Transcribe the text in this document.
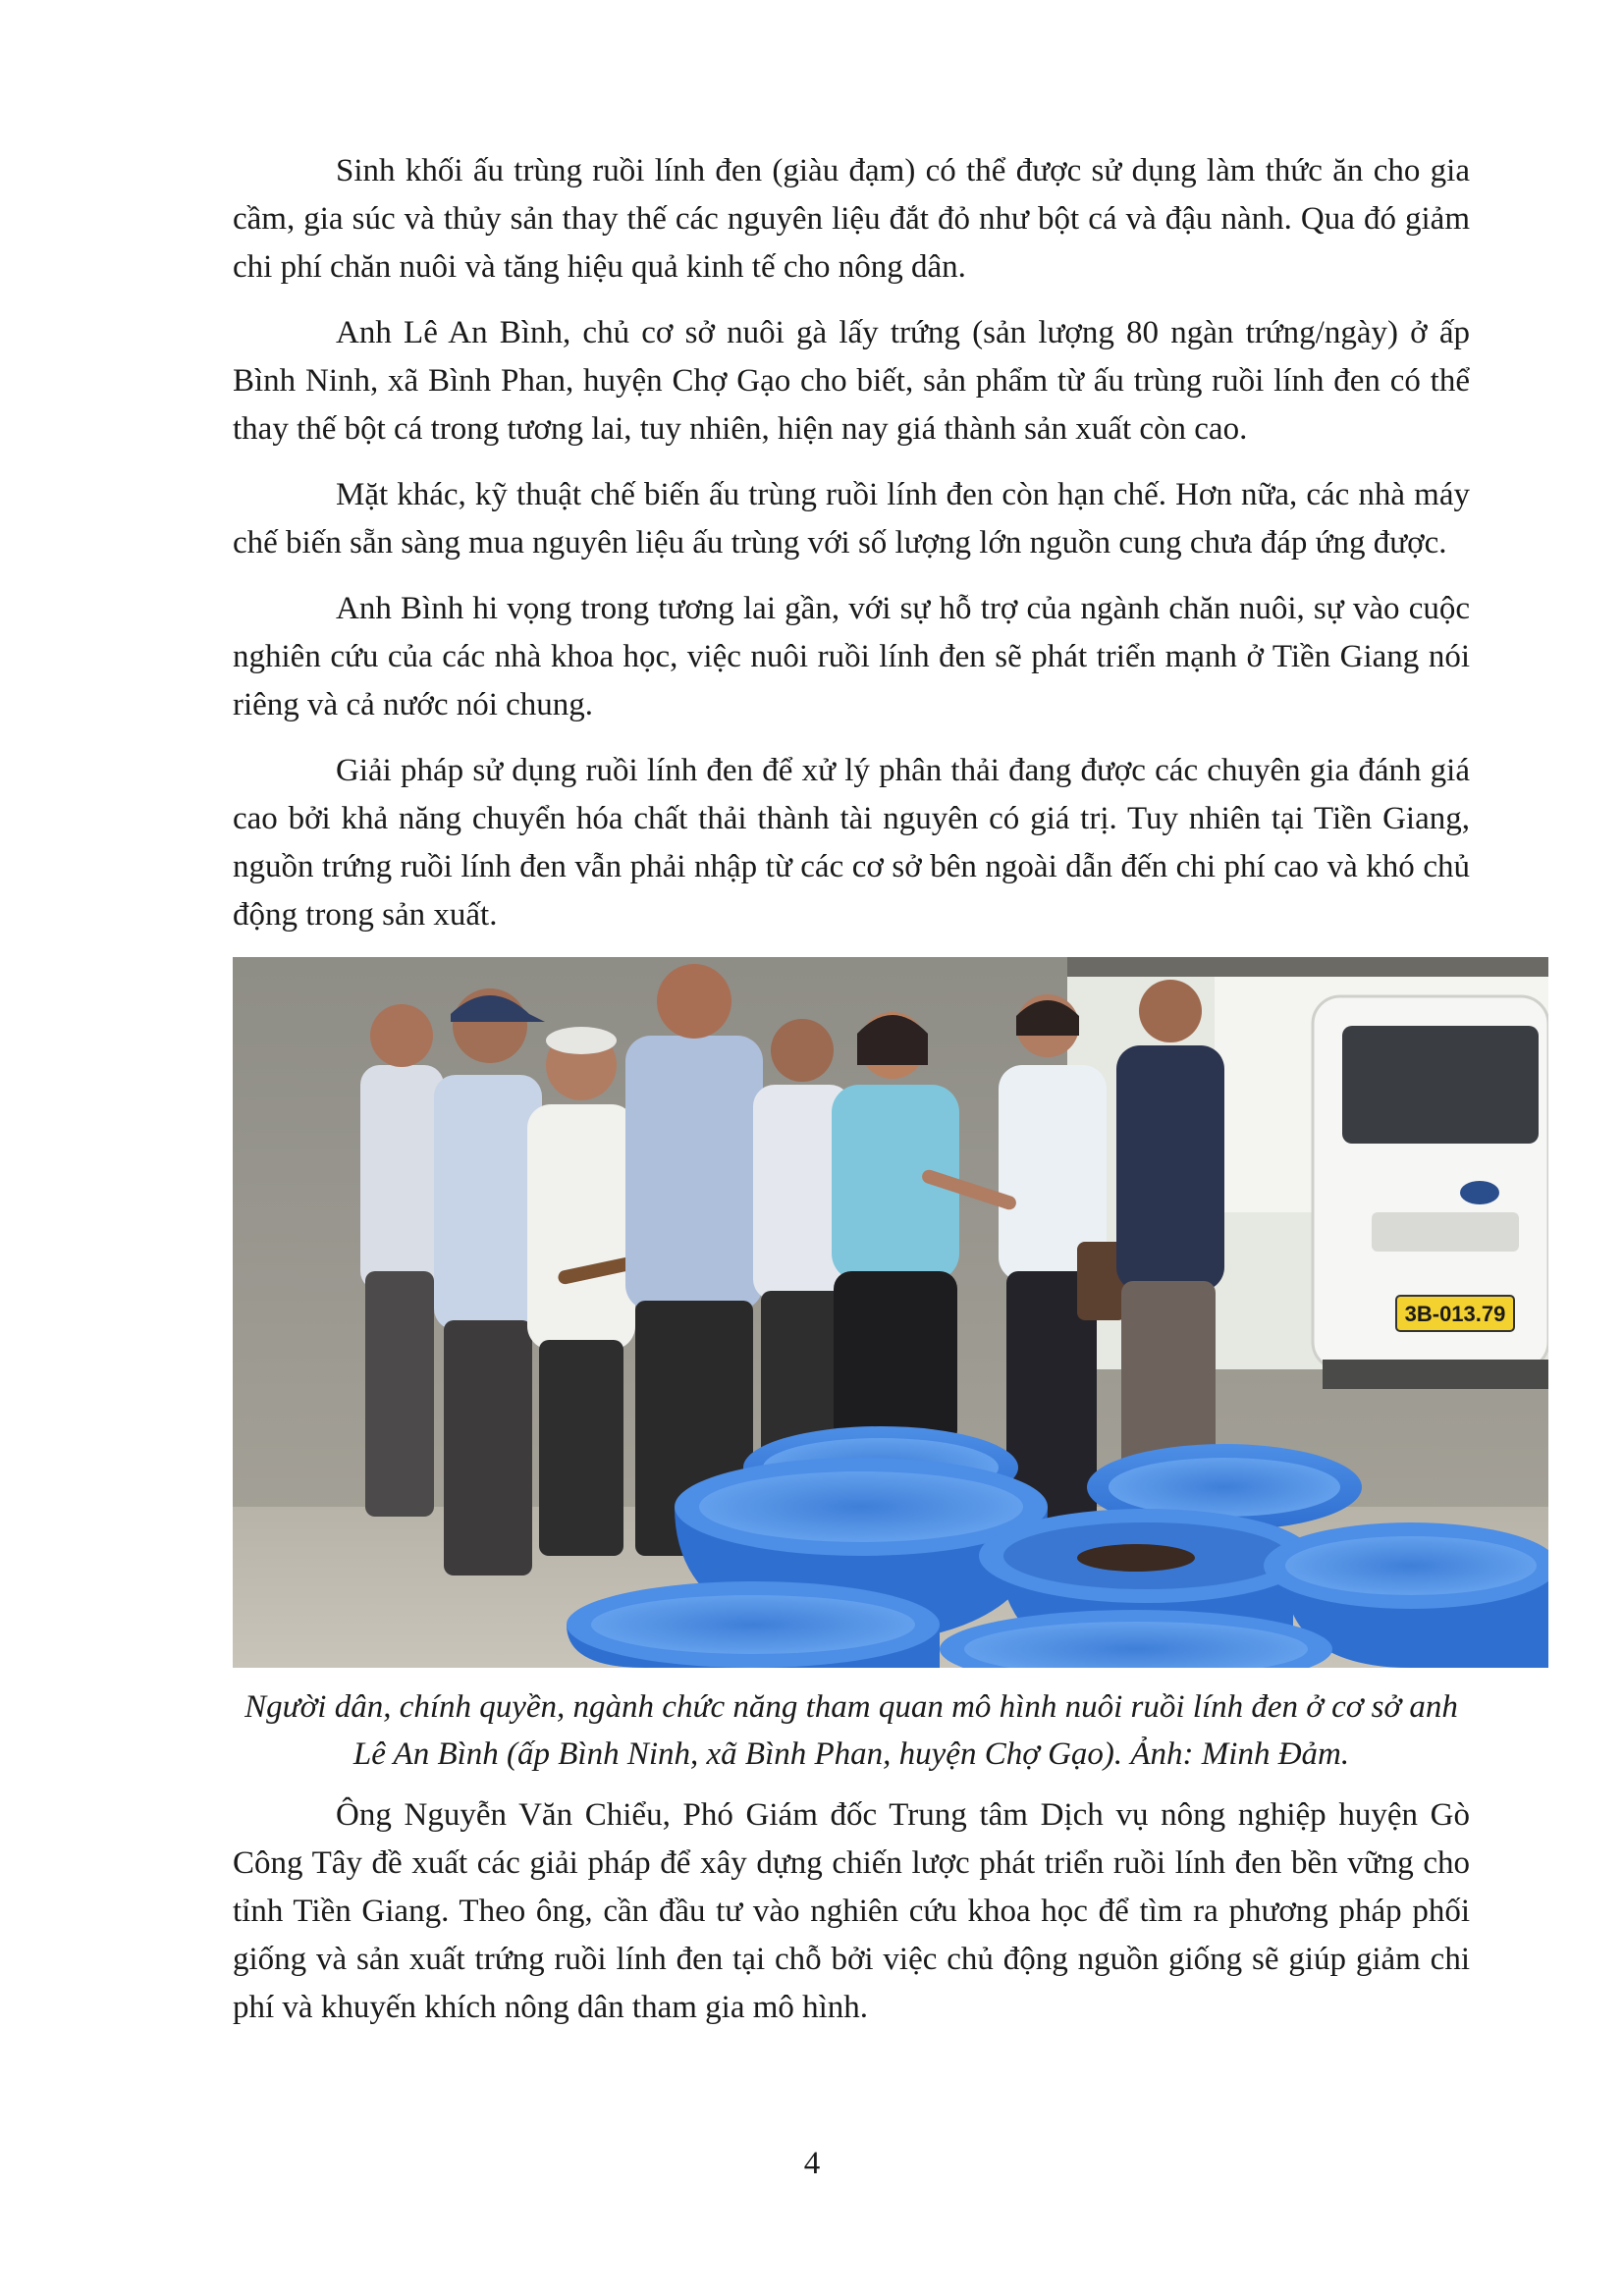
Sinh khối ấu trùng ruồi lính đen (giàu đạm) có thể được sử dụng làm thức ăn cho gia cầm, gia súc và thủy sản thay thế các nguyên liệu đắt đỏ như bột cá và đậu nành. Qua đó giảm chi phí chăn nuôi và tăng hiệu quả kinh tế cho nông dân.

Anh Lê An Bình, chủ cơ sở nuôi gà lấy trứng (sản lượng 80 ngàn trứng/ngày) ở ấp Bình Ninh, xã Bình Phan, huyện Chợ Gạo cho biết, sản phẩm từ ấu trùng ruồi lính đen có thể thay thế bột cá trong tương lai, tuy nhiên, hiện nay giá thành sản xuất còn cao.

Mặt khác, kỹ thuật chế biến ấu trùng ruồi lính đen còn hạn chế. Hơn nữa, các nhà máy chế biến sẵn sàng mua nguyên liệu ấu trùng với số lượng lớn nguồn cung chưa đáp ứng được.

Anh Bình hi vọng trong tương lai gần, với sự hỗ trợ của ngành chăn nuôi, sự vào cuộc nghiên cứu của các nhà khoa học, việc nuôi ruồi lính đen sẽ phát triển mạnh ở Tiền Giang nói riêng và cả nước nói chung.

Giải pháp sử dụng ruồi lính đen để xử lý phân thải đang được các chuyên gia đánh giá cao bởi khả năng chuyển hóa chất thải thành tài nguyên có giá trị. Tuy nhiên tại Tiền Giang, nguồn trứng ruồi lính đen vẫn phải nhập từ các cơ sở bên ngoài dẫn đến chi phí cao và khó chủ động trong sản xuất.

3B-013.79

Người dân, chính quyền, ngành chức năng tham quan mô hình nuôi ruồi lính đen ở cơ sở anh Lê An Bình (ấp Bình Ninh, xã Bình Phan, huyện Chợ Gạo). Ảnh: Minh Đảm.

Ông Nguyễn Văn Chiểu, Phó Giám đốc Trung tâm Dịch vụ nông nghiệp huyện Gò Công Tây đề xuất các giải pháp để xây dựng chiến lược phát triển ruồi lính đen bền vững cho tỉnh Tiền Giang. Theo ông, cần đầu tư vào nghiên cứu khoa học để tìm ra phương pháp phối giống và sản xuất trứng ruồi lính đen tại chỗ bởi việc chủ động nguồn giống sẽ giúp giảm chi phí và khuyến khích nông dân tham gia mô hình.

4
